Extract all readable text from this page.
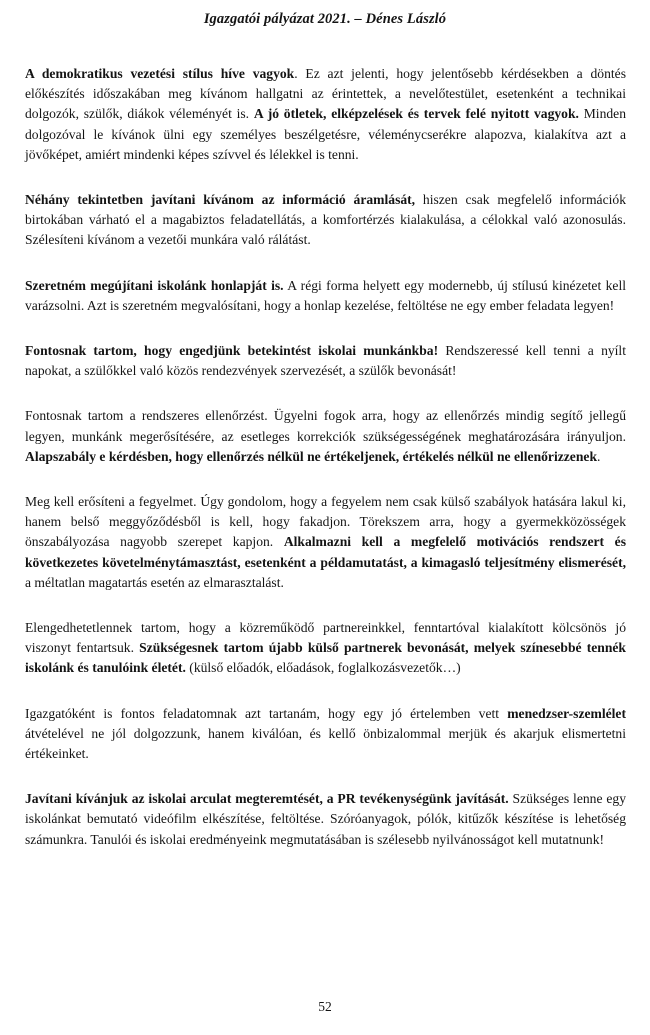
Igazgatói pályázat 2021. – Dénes László

A demokratikus vezetési stílus híve vagyok. Ez azt jelenti, hogy jelentősebb kérdésekben a döntés előkészítés időszakában meg kívánom hallgatni az érintettek, a nevelőtestület, esetenként a technikai dolgozók, szülők, diákok véleményét is. A jó ötletek, elképzelések és tervek felé nyitott vagyok. Minden dolgozóval le kívánok ülni egy személyes beszélgetésre, véleménycserékre alapozva, kialakítva azt a jövőképet, amiért mindenki képes szívvel és lélekkel is tenni.

Néhány tekintetben javítani kívánom az információ áramlását, hiszen csak megfelelő információk birtokában várható el a magabiztos feladatellátás, a komfortérzés kialakulása, a célokkal való azonosulás. Szélesíteni kívánom a vezetői munkára való rálátást.

Szeretném megújítani iskolánk honlapját is. A régi forma helyett egy modernebb, új stílusú kinézetet kell varázsolni. Azt is szeretném megvalósítani, hogy a honlap kezelése, feltöltése ne egy ember feladata legyen!

Fontosnak tartom, hogy engedjünk betekintést iskolai munkánkba! Rendszeressé kell tenni a nyílt napokat, a szülőkkel való közös rendezvények szervezését, a szülők bevonását!

Fontosnak tartom a rendszeres ellenőrzést. Ügyelni fogok arra, hogy az ellenőrzés mindig segítő jellegű legyen, munkánk megerősítésére, az esetleges korrekciók szükségességének meghatározására irányuljon. Alapszabály e kérdésben, hogy ellenőrzés nélkül ne értékeljenek, értékelés nélkül ne ellenőrizzenek.

Meg kell erősíteni a fegyelmet. Úgy gondolom, hogy a fegyelem nem csak külső szabályok hatására lakul ki, hanem belső meggyőződésből is kell, hogy fakadjon. Törekszem arra, hogy a gyermekközösségek önszabályozása nagyobb szerepet kapjon. Alkalmazni kell a megfelelő motivációs rendszert és következetes követelménytámasztást, esetenként a példamutatást, a kimagasló teljesítmény elismerését, a méltatlan magatartás esetén az elmarasztalást.

Elengedhetetlennek tartom, hogy a közreműködő partnereinkkel, fenntartóval kialakított kölcsönös jó viszonyt fentartsuk. Szükségesnek tartom újabb külső partnerek bevonását, melyek színesebbé tennék iskolánk és tanulóink életét. (külső előadók, előadások, foglalkozásvezetők…)

Igazgatóként is fontos feladatomnak azt tartanám, hogy egy jó értelemben vett menedzser-szemlélet átvételével ne jól dolgozzunk, hanem kiválóan, és kellő önbizalommal merjük és akarjuk elismertetni értékeinket.

Javítani kívánjuk az iskolai arculat megteremtését, a PR tevékenységünk javítását. Szükséges lenne egy iskolánkat bemutató videófilm elkészítése, feltöltése. Szóróanyagok, pólók, kitűzők készítése is lehetőség számunkra. Tanulói és iskolai eredményeink megmutatásában is szélesebb nyilvánosságot kell mutatnunk!

52
